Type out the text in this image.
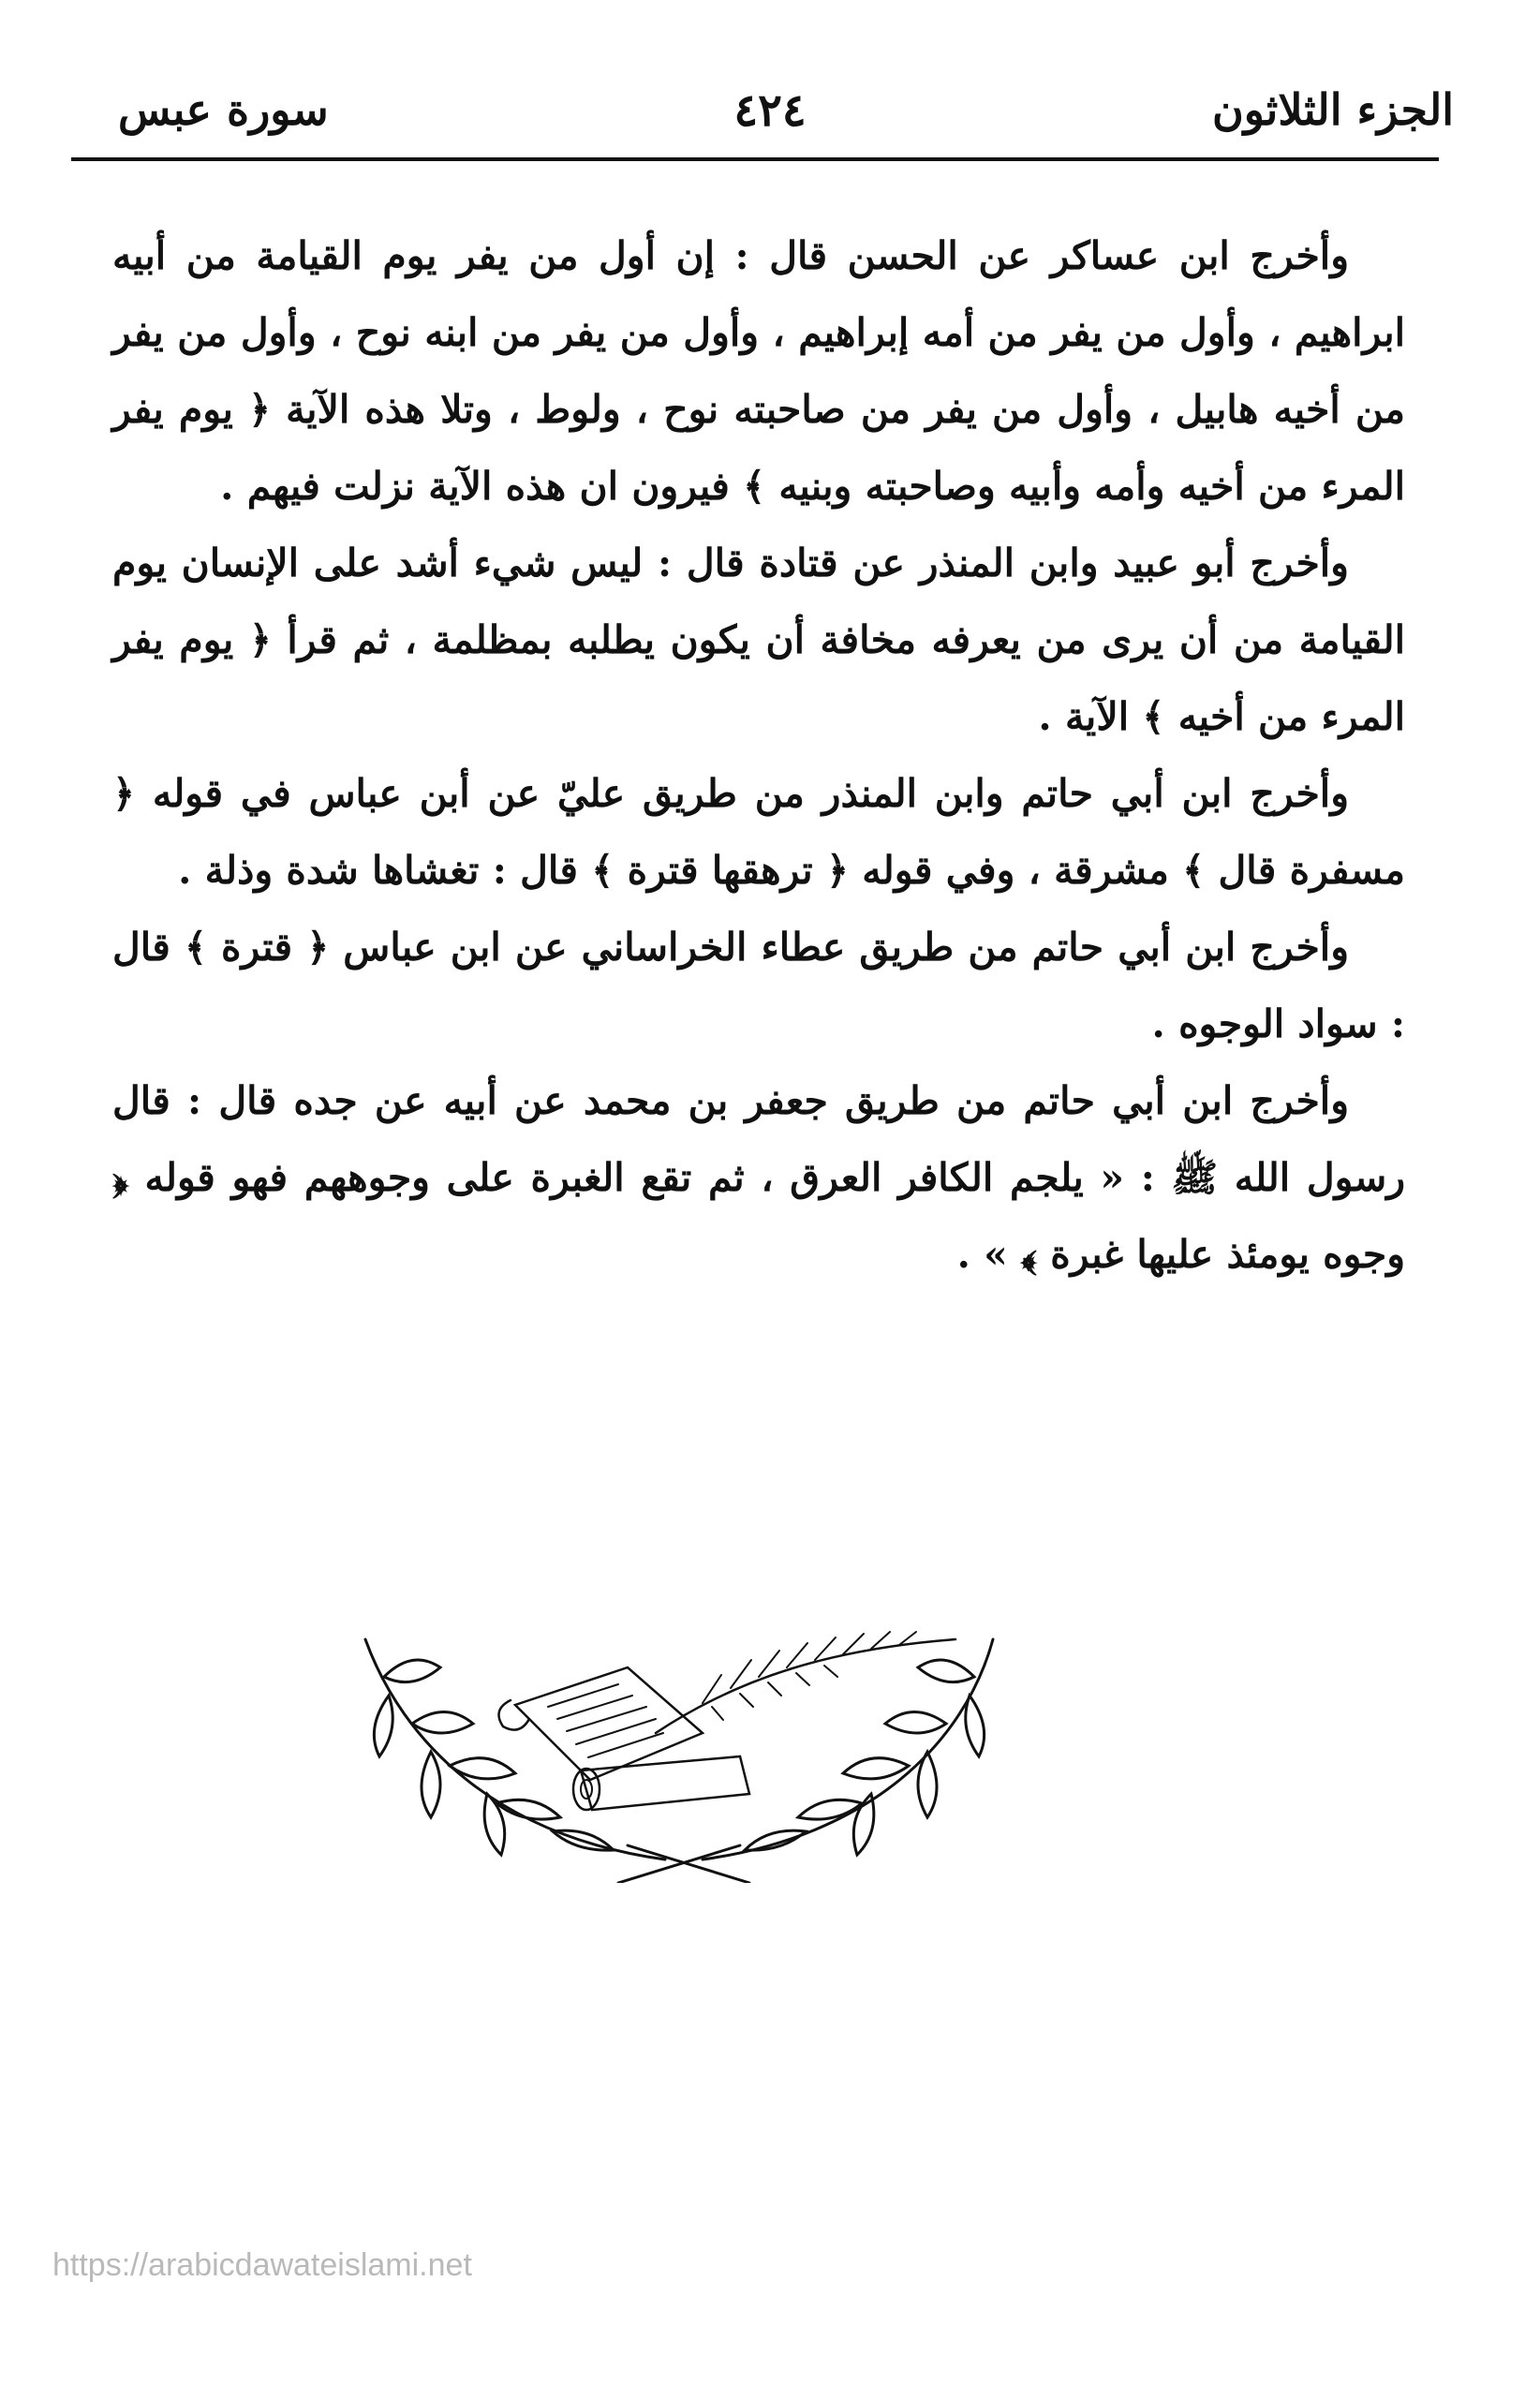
الجزء الثلاثون
٤٢٤
سورة عبس

وأخرج ابن عساكر عن الحسن قال : إن أول من يفر يوم القيامة من أبيه ابراهيم ، وأول من يفر من أمه إبراهيم ، وأول من يفر من ابنه نوح ، وأول من يفر من أخيه هابيل ، وأول من يفر من صاحبته نوح ، ولوط ، وتلا هذه الآية ﴿ يوم يفر المرء من أخيه وأمه وأبيه وصاحبته وبنيه ﴾ فيرون ان هذه الآية نزلت فيهم .

وأخرج أبو عبيد وابن المنذر عن قتادة قال : ليس شيء أشد على الإنسان يوم القيامة من أن يرى من يعرفه مخافة أن يكون يطلبه بمظلمة ، ثم قرأ ﴿ يوم يفر المرء من أخيه ﴾ الآية .

وأخرج ابن أبي حاتم وابن المنذر من طريق عليّ عن أبن عباس في قوله ﴿ مسفرة قال ﴾ مشرقة ، وفي قوله ﴿ ترهقها قترة ﴾ قال : تغشاها شدة وذلة .

وأخرج ابن أبي حاتم من طريق عطاء الخراساني عن ابن عباس ﴿ قترة ﴾ قال : سواد الوجوه .

وأخرج ابن أبي حاتم من طريق جعفر بن محمد عن أبيه عن جده قال : قال رسول الله ﷺ : « يلجم الكافر العرق ، ثم تقع الغبرة على وجوههم فهو قوله ﴿ وجوه يومئذ عليها غبرة ﴾ » .

https://arabicdawateislami.net
